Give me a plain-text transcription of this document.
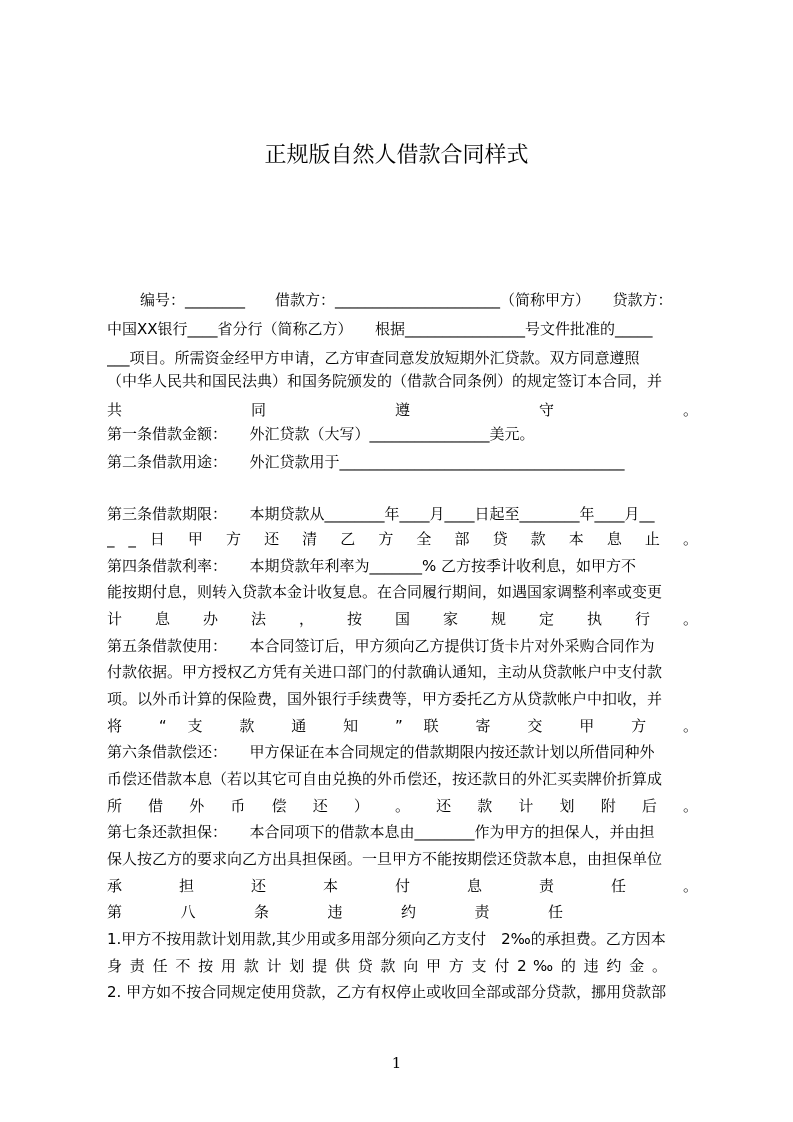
正规版自然人借款合同样式
编号：________　　借款方：______________________（简称甲方）　　贷款方：
中国XX银行____省分行（简称乙方）　　根据________________号文件批准的_____
___项目。所需资金经甲方申请，乙方审查同意发放短期外汇贷款。双方同意遵照
（中华人民共和国民法典）和国务院颁发的（借款合同条例）的规定签订本合同，并
共　同　遵　守　。
第一条借款金额：　　外汇贷款（大写）________________美元。
第二条借款用途：　　外汇贷款用于______________________________________
第三条借款期限：　　本期贷款从________年____月____日起至________年____月__
_ _ 日 甲 方 还 清 乙 方 全 部 贷 款 本 息 止 。
第四条借款利率：　　本期贷款年利率为_______% 乙方按季计收利息，如甲方不
能按期付息，则转入贷款本金计收复息。在合同履行期间，如遇国家调整利率或变更
计 息 办 法 ， 按 国 家 规 定 执 行 。
第五条借款使用：　　本合同签订后，甲方须向乙方提供订货卡片对外采购合同作为
付款依据。甲方授权乙方凭有关进口部门的付款确认通知，主动从贷款帐户中支付款
项。以外币计算的保险费，国外银行手续费等，甲方委托乙方从贷款帐户中扣收，并
将 “ 支 款 通 知 ” 联 寄 交 甲 方 。
第六条借款偿还：　　甲方保证在本合同规定的借款期限内按还款计划以所借同种外
币偿还借款本息（若以其它可自由兑换的外币偿还，按还款日的外汇买卖牌价折算成
所 借 外 币 偿 还 ） 。 还 款 计 划 附 后 。
第七条还款担保：　　本合同项下的借款本息由________作为甲方的担保人，并由担
保人按乙方的要求向乙方出具担保函。一旦甲方不能按期偿还贷款本息，由担保单位
承 担 还 本 付 息 责 任 。
第 八 条 违 约 责 任
1.甲方不按用款计划用款,其少用或多用部分须向乙方支付　2‰的承担费。乙方因本
身 责 任 不 按 用 款 计 划 提 供 贷 款 向 甲 方 支 付 2 ‰ 的 违 约 金 。
2. 甲方如不按合同规定使用贷款，乙方有权停止或收回全部或部分贷款，挪用贷款部
1
